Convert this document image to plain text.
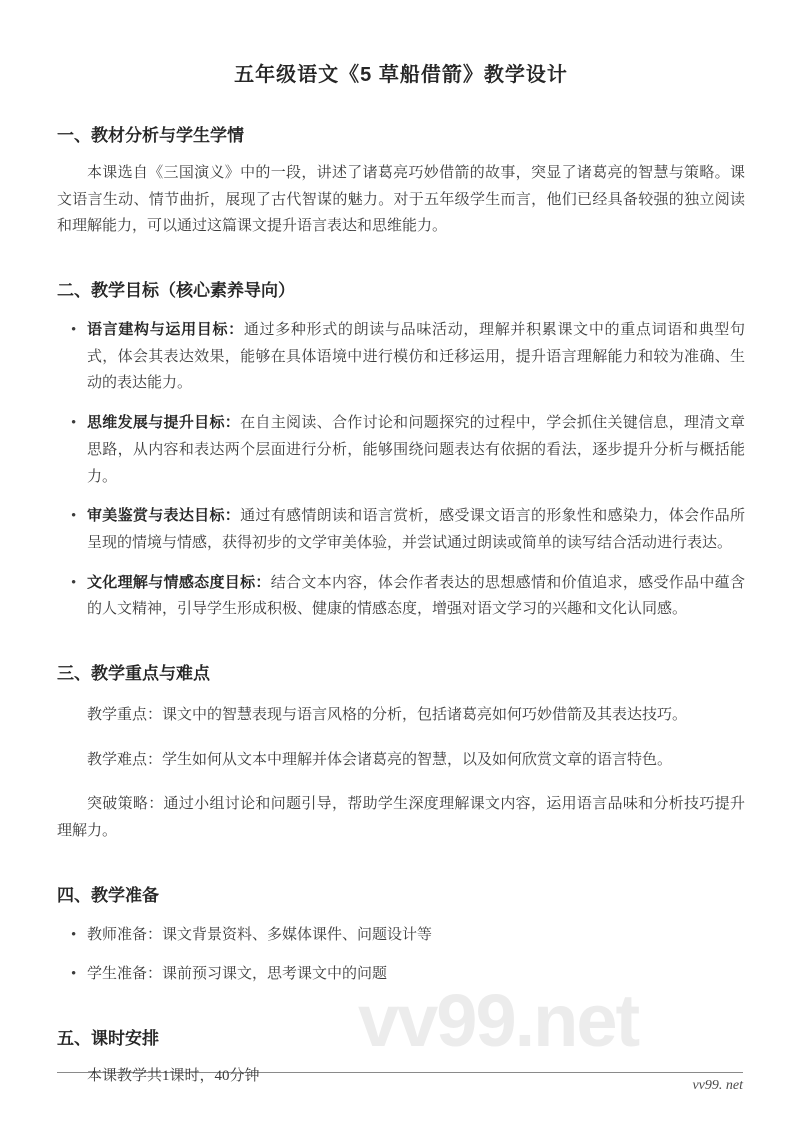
vv99.net
五年级语文《5 草船借箭》教学设计
一、教材分析与学生学情

本课选自《三国演义》中的一段，讲述了诸葛亮巧妙借箭的故事，突显了诸葛亮的智慧与策略。课文语言生动、情节曲折，展现了古代智谋的魅力。对于五年级学生而言，他们已经具备较强的独立阅读和理解能力，可以通过这篇课文提升语言表达和思维能力。

二、教学目标（核心素养导向）
• 语言建构与运用目标：通过多种形式的朗读与品味活动，理解并积累课文中的重点词语和典型句式，体会其表达效果，能够在具体语境中进行模仿和迁移运用，提升语言理解能力和较为准确、生动的表达能力。
• 思维发展与提升目标：在自主阅读、合作讨论和问题探究的过程中，学会抓住关键信息，理清文章思路，从内容和表达两个层面进行分析，能够围绕问题表达有依据的看法，逐步提升分析与概括能力。
• 审美鉴赏与表达目标：通过有感情朗读和语言赏析，感受课文语言的形象性和感染力，体会作品所呈现的情境与情感，获得初步的文学审美体验，并尝试通过朗读或简单的读写结合活动进行表达。
• 文化理解与情感态度目标：结合文本内容，体会作者表达的思想感情和价值追求，感受作品中蕴含的人文精神，引导学生形成积极、健康的情感态度，增强对语文学习的兴趣和文化认同感。
三、教学重点与难点

教学重点：课文中的智慧表现与语言风格的分析，包括诸葛亮如何巧妙借箭及其表达技巧。

教学难点：学生如何从文本中理解并体会诸葛亮的智慧，以及如何欣赏文章的语言特色。

突破策略：通过小组讨论和问题引导，帮助学生深度理解课文内容，运用语言品味和分析技巧提升理解力。

四、教学准备
• 教师准备：课文背景资料、多媒体课件、问题设计等
• 学生准备：课前预习课文，思考课文中的问题
五、课时安排

本课教学共1课时，40分钟

vv99. net
